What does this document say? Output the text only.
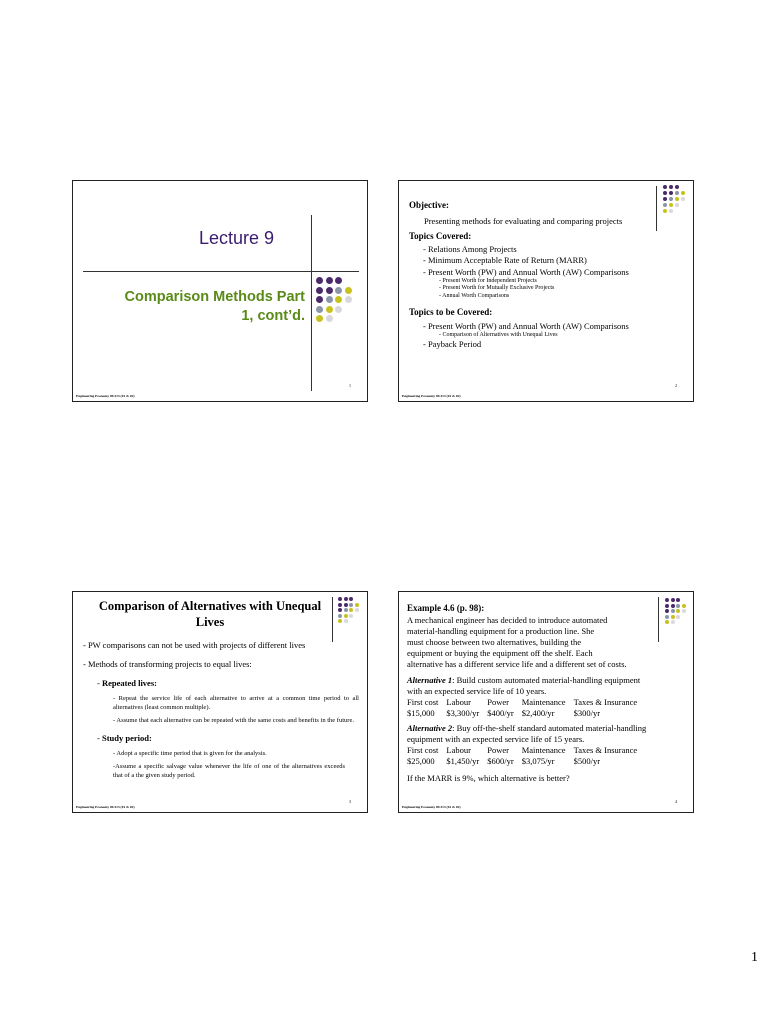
Lecture 9
Comparison Methods Part
1, cont’d.
1
Engineering Economy 89.313 (01 & 02)
Objective:
Presenting methods for evaluating and comparing projects
Topics Covered:
- Relations Among Projects
- Minimum Acceptable Rate of Return (MARR)
- Present Worth (PW) and Annual Worth (AW) Comparisons
- Present Worth for Independent Projects
- Present Worth for Mutually Exclusive Projects
- Annual Worth Comparisons
Topics to be Covered:
- Present Worth (PW) and Annual Worth (AW) Comparisons
- Comparison of Alternatives with Unequal Lives
- Payback Period
2
Engineering Economy 89.313 (01 & 02)
Comparison of Alternatives with Unequal
Lives
- PW comparisons can not be used with projects of different lives
- Methods of transforming projects to equal lives:
- Repeated lives:
- Repeat the service life of each alternative to arrive at a common time period to all alternatives (least common multiple).
- Assume that each alternative can be repeated with the same costs and benefits in the future.
- Study period:
- Adopt a specific time period that is given for the analysis.
-Assume a specific salvage value whenever the life of one of the alternatives exceeds that of a the given study period.
3
Engineering Economy 89.313 (01 & 02)
Example 4.6 (p. 98):
A mechanical engineer has decided to introduce automated
material-handling equipment for a production line. She
must choose between two alternatives, building the
equipment or buying the equipment off the shelf. Each
alternative has a different service life and a different set of costs.
Alternative 1: Build custom automated material-handling equipment
with an expected service life of 10 years.
First cost	Labour	Power	Maintenance	Taxes & Insurance
$15,000	$3,300/yr	$400/yr	$2,400/yr	$300/yr
Alternative 2: Buy off-the-shelf standard automated material-handling
equipment with an expected service life of 15 years.
First cost	Labour	Power	Maintenance	Taxes & Insurance
$25,000	$1,450/yr	$600/yr	$3,075/yr	$500/yr
If the MARR is 9%, which alternative is better?
4
Engineering Economy 89.313 (01 & 02)
1
